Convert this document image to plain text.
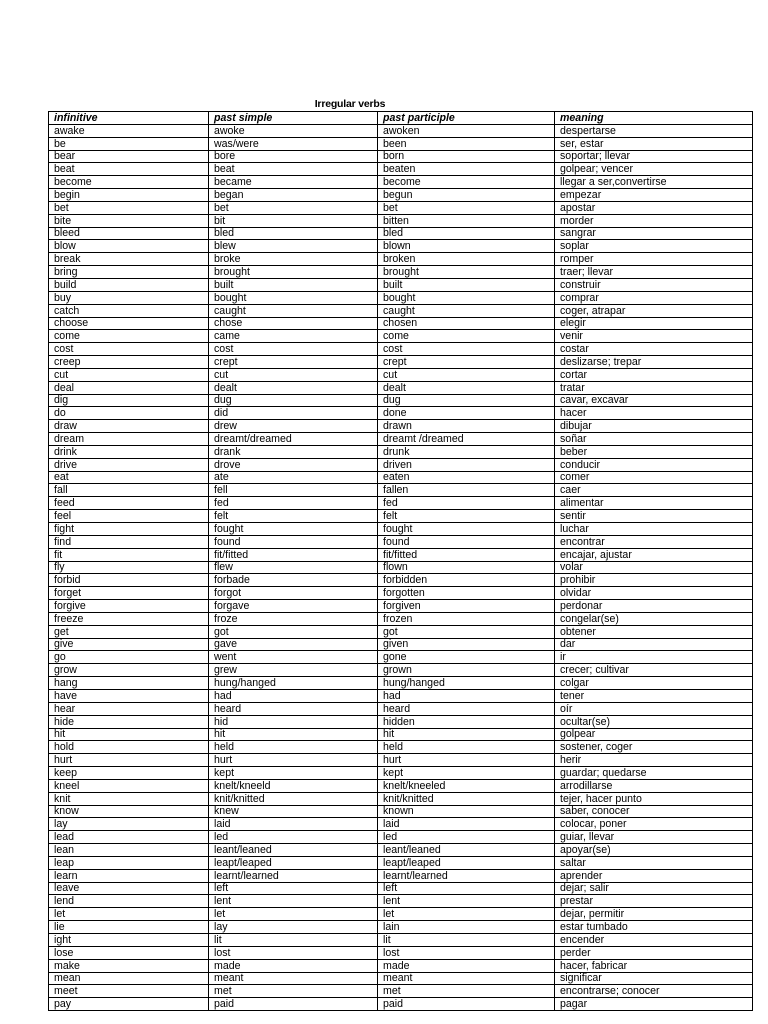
Irregular verbs
infinitive	past simple	past participle	meaning
awake	awoke	awoken	despertarse
be	was/were	been	ser, estar
bear	bore	born	soportar; llevar
beat	beat	beaten	golpear; vencer
become	became	become	llegar a ser,convertirse
begin	began	begun	empezar
bet	bet	bet	apostar
bite	bit	bitten	morder
bleed	bled	bled	sangrar
blow	blew	blown	soplar
break	broke	broken	romper
bring	brought	brought	traer; llevar
build	built	built	construir
buy	bought	bought	comprar
catch	caught	caught	coger, atrapar
choose	chose	chosen	elegir
come	came	come	venir
cost	cost	cost	costar
creep	crept	crept	deslizarse; trepar
cut	cut	cut	cortar
deal	dealt	dealt	tratar
dig	dug	dug	cavar, excavar
do	did	done	hacer
draw	drew	drawn	dibujar
dream	dreamt/dreamed	dreamt /dreamed	soñar
drink	drank	drunk	beber
drive	drove	driven	conducir
eat	ate	eaten	comer
fall	fell	fallen	caer
feed	fed	fed	alimentar
feel	felt	felt	sentir
fight	fought	fought	luchar
find	found	found	encontrar
fit	fit/fitted	fit/fitted	encajar, ajustar
fly	flew	flown	volar
forbid	forbade	forbidden	prohibir
forget	forgot	forgotten	olvidar
forgive	forgave	forgiven	perdonar
freeze	froze	frozen	congelar(se)
get	got	got	obtener
give	gave	given	dar
go	went	gone	ir
grow	grew	grown	crecer; cultivar
hang	hung/hanged	hung/hanged	colgar
have	had	had	tener
hear	heard	heard	oír
hide	hid	hidden	ocultar(se)
hit	hit	hit	golpear
hold	held	held	sostener, coger
hurt	hurt	hurt	herir
keep	kept	kept	guardar; quedarse
kneel	knelt/kneeld	knelt/kneeled	arrodillarse
knit	knit/knitted	knit/knitted	tejer, hacer punto
know	knew	known	saber, conocer
lay	laid	laid	colocar, poner
lead	led	led	guiar, llevar
lean	leant/leaned	leant/leaned	apoyar(se)
leap	leapt/leaped	leapt/leaped	saltar
learn	learnt/learned	learnt/learned	aprender
leave	left	left	dejar; salir
lend	lent	lent	prestar
let	let	let	dejar, permitir
lie	lay	lain	estar tumbado
ight	lit	lit	encender
lose	lost	lost	perder
make	made	made	hacer, fabricar
mean	meant	meant	significar
meet	met	met	encontrarse; conocer
pay	paid	paid	pagar
